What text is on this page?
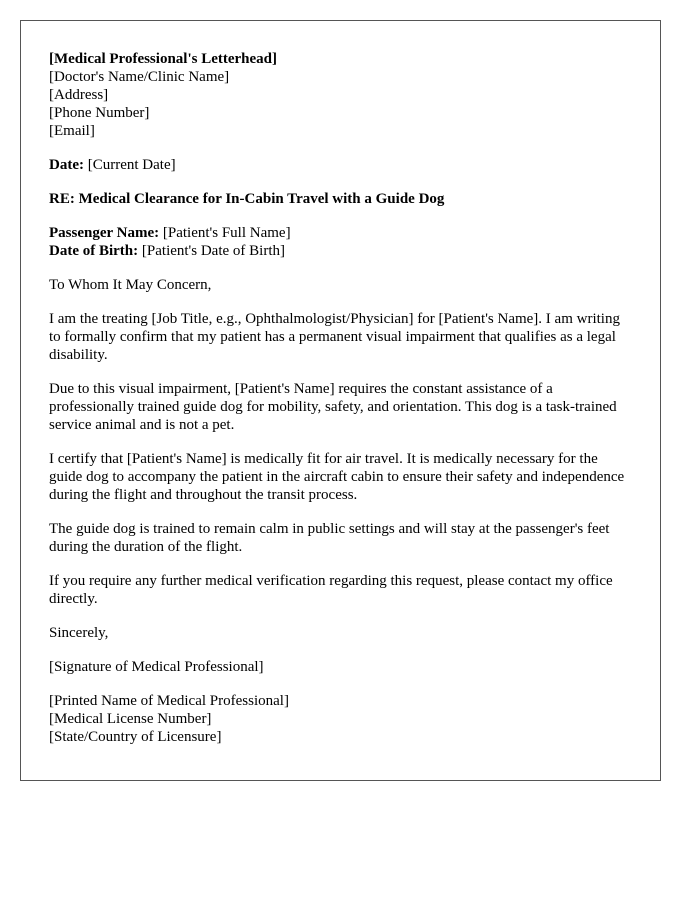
[Medical Professional's Letterhead]
[Doctor's Name/Clinic Name]
[Address]
[Phone Number]
[Email]
Date: [Current Date]
RE: Medical Clearance for In-Cabin Travel with a Guide Dog
Passenger Name: [Patient's Full Name]
Date of Birth: [Patient's Date of Birth]

To Whom It May Concern,

I am the treating [Job Title, e.g., Ophthalmologist/Physician] for [Patient's Name]. I am writing to formally confirm that my patient has a permanent visual impairment that qualifies as a legal disability.

Due to this visual impairment, [Patient's Name] requires the constant assistance of a professionally trained guide dog for mobility, safety, and orientation. This dog is a task-trained service animal and is not a pet.

I certify that [Patient's Name] is medically fit for air travel. It is medically necessary for the guide dog to accompany the patient in the aircraft cabin to ensure their safety and independence during the flight and throughout the transit process.

The guide dog is trained to remain calm in public settings and will stay at the passenger's feet during the duration of the flight.

If you require any further medical verification regarding this request, please contact my office directly.

Sincerely,

[Signature of Medical Professional]

[Printed Name of Medical Professional]
[Medical License Number]
[State/Country of Licensure]
